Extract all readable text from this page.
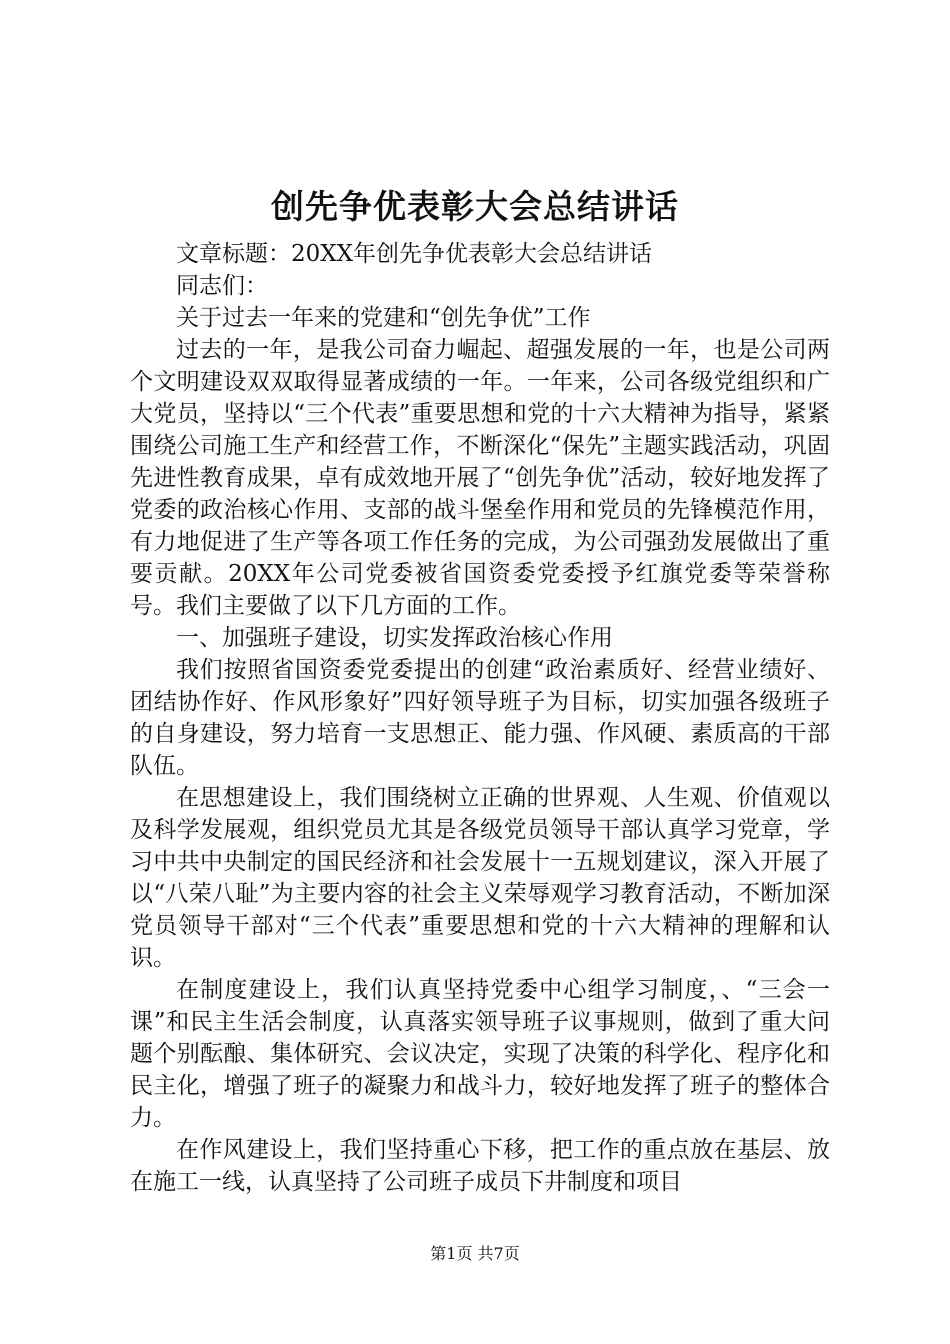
创先争优表彰大会总结讲话

文章标题：20XX年创先争优表彰大会总结讲话

同志们：

关于过去一年来的党建和“创先争优”工作

过去的一年，是我公司奋力崛起、超强发展的一年，也是公司两个文明建设双双取得显著成绩的一年。一年来，公司各级党组织和广大党员，坚持以“三个代表”重要思想和党的十六大精神为指导，紧紧围绕公司施工生产和经营工作，不断深化“保先”主题实践活动，巩固先进性教育成果，卓有成效地开展了“创先争优”活动，较好地发挥了党委的政治核心作用、支部的战斗堡垒作用和党员的先锋模范作用，有力地促进了生产等各项工作任务的完成，为公司强劲发展做出了重要贡献。20XX年公司党委被省国资委党委授予红旗党委等荣誉称号。我们主要做了以下几方面的工作。

一、加强班子建设，切实发挥政治核心作用

我们按照省国资委党委提出的创建“政治素质好、经营业绩好、团结协作好、作风形象好”四好领导班子为目标，切实加强各级班子的自身建设，努力培育一支思想正、能力强、作风硬、素质高的干部队伍。

在思想建设上，我们围绕树立正确的世界观、人生观、价值观以及科学发展观，组织党员尤其是各级党员领导干部认真学习党章，学习中共中央制定的国民经济和社会发展十一五规划建议，深入开展了以“八荣八耻”为主要内容的社会主义荣辱观学习教育活动，不断加深党员领导干部对“三个代表”重要思想和党的十六大精神的理解和认识。

在制度建设上，我们认真坚持党委中心组学习制度，、“三会一课”和民主生活会制度，认真落实领导班子议事规则，做到了重大问题个别酝酿、集体研究、会议决定，实现了决策的科学化、程序化和民主化，增强了班子的凝聚力和战斗力，较好地发挥了班子的整体合力。

在作风建设上，我们坚持重心下移，把工作的重点放在基层、放在施工一线，认真坚持了公司班子成员下井制度和项目

第1页 共7页
